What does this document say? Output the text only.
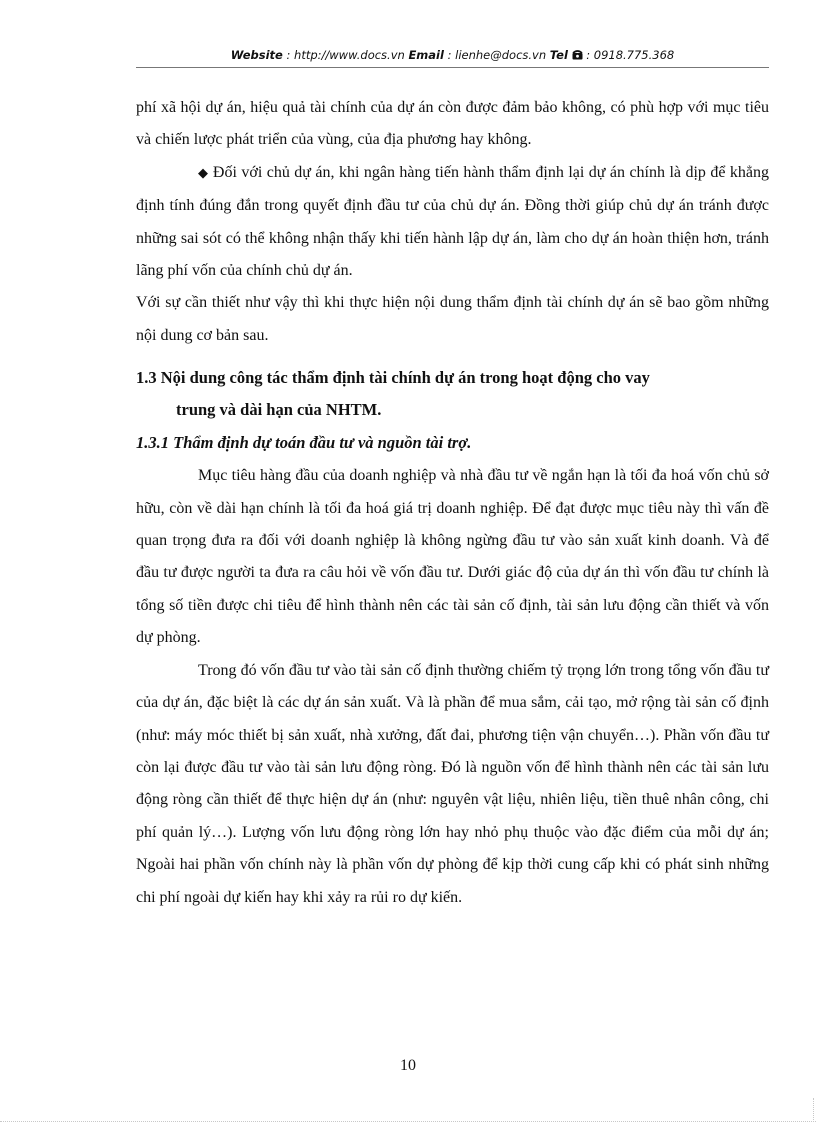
Website : http://www.docs.vn Email : lienhe@docs.vn Tel  : 0918.775.368

phí xã hội dự án, hiệu quả tài chính của dự án còn được đảm bảo không, có phù hợp với mục tiêu và chiến lược phát triển của vùng, của địa phương hay không.

◆ Đối với chủ dự án, khi ngân hàng tiến hành thẩm định lại dự án chính là dịp để khẳng định tính đúng đắn trong quyết định đầu tư của chủ dự án. Đồng thời giúp chủ dự án tránh được những sai sót có thể không nhận thấy khi tiến hành lập dự án, làm cho dự án hoàn thiện hơn, tránh lãng phí vốn của chính chủ dự án.

Với sự cần thiết như vậy thì khi thực hiện nội dung thẩm định tài chính dự án sẽ bao gồm những nội dung cơ bản sau.

1.3 Nội dung công tác thẩm định tài chính dự án trong hoạt động cho vay
trung và dài hạn của NHTM.

1.3.1 Thẩm định dự toán đầu tư và nguồn tài trợ.

Mục tiêu hàng đầu của doanh nghiệp và nhà đầu tư về ngắn hạn là tối đa hoá vốn chủ sở hữu, còn về dài hạn chính là tối đa hoá giá trị doanh nghiệp. Để đạt được mục tiêu này thì vấn đề quan trọng đưa ra đối với doanh nghiệp là không ngừng đầu tư vào sản xuất kinh doanh. Và để đầu tư được người ta đưa ra câu hỏi về vốn đầu tư. Dưới giác độ của dự án thì vốn đầu tư chính là tổng số tiền được chi tiêu để hình thành nên các tài sản cố định, tài sản lưu động cần thiết và vốn dự phòng.

Trong đó vốn đầu tư vào tài sản cố định thường chiếm tỷ trọng lớn trong tổng vốn đầu tư của dự án, đặc biệt là các dự án sản xuất. Và là phần để mua sắm, cải tạo, mở rộng tài sản cố định (như: máy móc thiết bị sản xuất, nhà xưởng, đất đai, phương tiện vận chuyển…). Phần vốn đầu tư còn lại được đầu tư vào tài sản lưu động ròng. Đó là nguồn vốn để hình thành nên các tài sản lưu động ròng cần thiết để thực hiện dự án (như: nguyên vật liệu, nhiên liệu, tiền thuê nhân công, chi phí quản lý…). Lượng vốn lưu động ròng lớn hay nhỏ phụ thuộc vào đặc điểm của mỗi dự án; Ngoài hai phần vốn chính này là phần vốn dự phòng để kịp thời cung cấp khi có phát sinh những chi phí ngoài dự kiến hay khi xảy ra rủi ro dự kiến.

10
